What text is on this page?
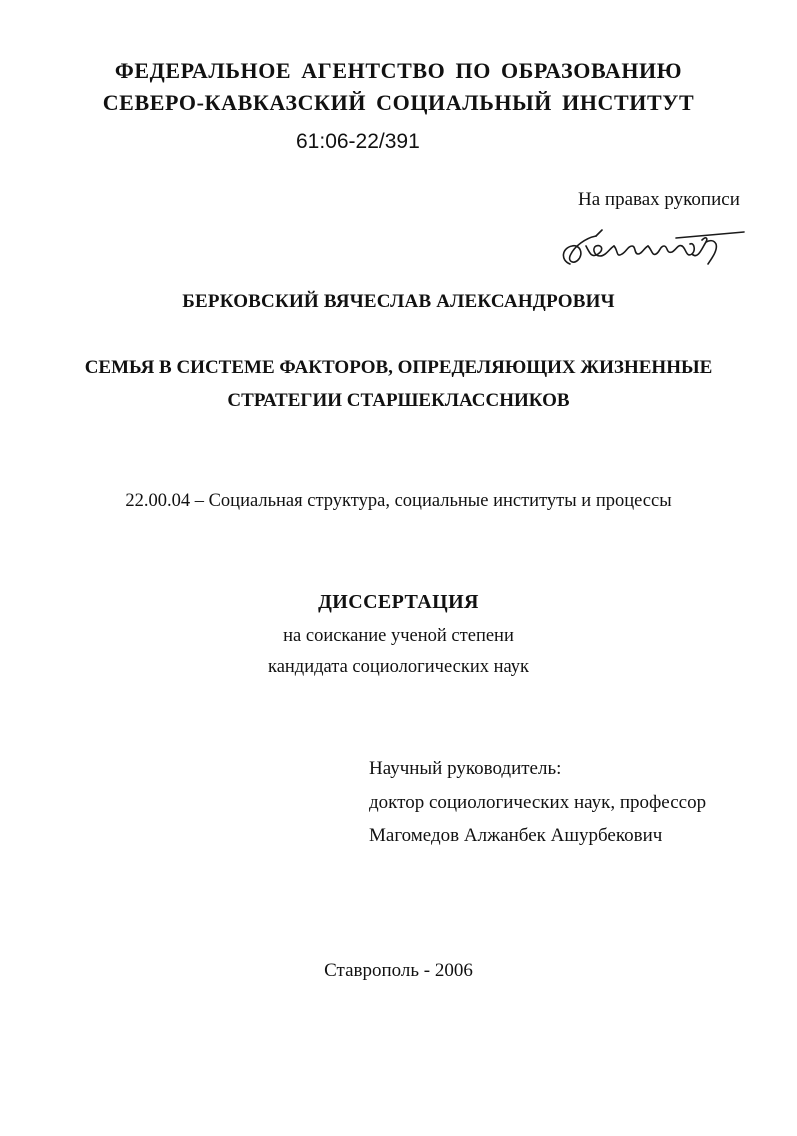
ФЕДЕРАЛЬНОЕ АГЕНТСТВО ПО ОБРАЗОВАНИЮ
СЕВЕРО-КАВКАЗСКИЙ СОЦИАЛЬНЫЙ ИНСТИТУТ
61:06-22/391
На правах рукописи
БЕРКОВСКИЙ ВЯЧЕСЛАВ АЛЕКСАНДРОВИЧ
СЕМЬЯ В СИСТЕМЕ ФАКТОРОВ, ОПРЕДЕЛЯЮЩИХ ЖИЗНЕННЫЕ
СТРАТЕГИИ СТАРШЕКЛАССНИКОВ
22.00.04 – Социальная структура, социальные институты и процессы
ДИССЕРТАЦИЯ
на соискание ученой степени
кандидата социологических наук
Научный руководитель:
доктор социологических наук, профессор
Магомедов Алжанбек Ашурбекович
Ставрополь - 2006
